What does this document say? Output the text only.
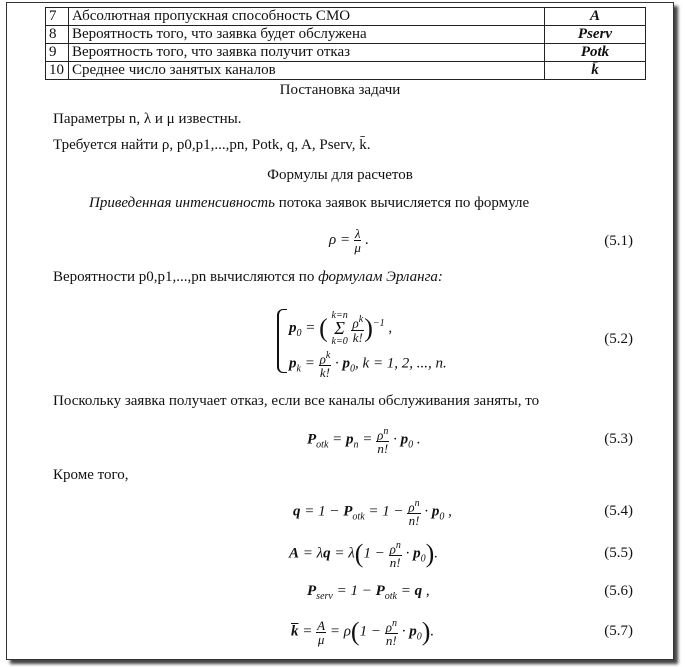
7	Абсолютная пропускная способность СМО	A
8	Вероятность того, что заявка будет обслужена	Pserv
9	Вероятность того, что заявка получит отказ	Potk
10	Среднее число занятых каналов	k̄
Постановка задачи
Параметры n, λ и μ известны.
Требуется найти ρ, p0,p1,...,pn, Potk, q, A, Pserv, k̄.
Формулы для расчетов
Приведенная интенсивность потока заявок вычисляется по формуле
$\rho = \frac{\lambda}{\mu}$ .	(5.1)
Вероятности p0,p1,...,pn вычисляются по формулам Эрланга:
$p_0$ = ( k=n
Σ
k=0
$\frac{\rho^k}{k!} )^{-1}$ ,
$p_k = \frac{\rho^k}{k!} \cdot p_0$, k = 1, 2, ..., n.
(5.2)
Поскольку заявка получает отказ, если все каналы обслуживания заняты, то
$P_{otk} = p_n = \frac{\rho^n}{n!} \cdot p_0$ .	(5.3)
Кроме того,
$q = 1 - P_{otk} = 1 - \frac{\rho^n}{n!} \cdot p_0$ ,	(5.4)
$A = \lambda q = \lambda(1 - \frac{\rho^n}{n!} \cdot p_0)$.	(5.5)
$P_{serv} = 1 - P_{otk} = q$ ,	(5.6)
$\overline{k} = \frac{A}{\mu} = \rho(1 - \frac{\rho^n}{n!} \cdot p_0)$.	(5.7)
